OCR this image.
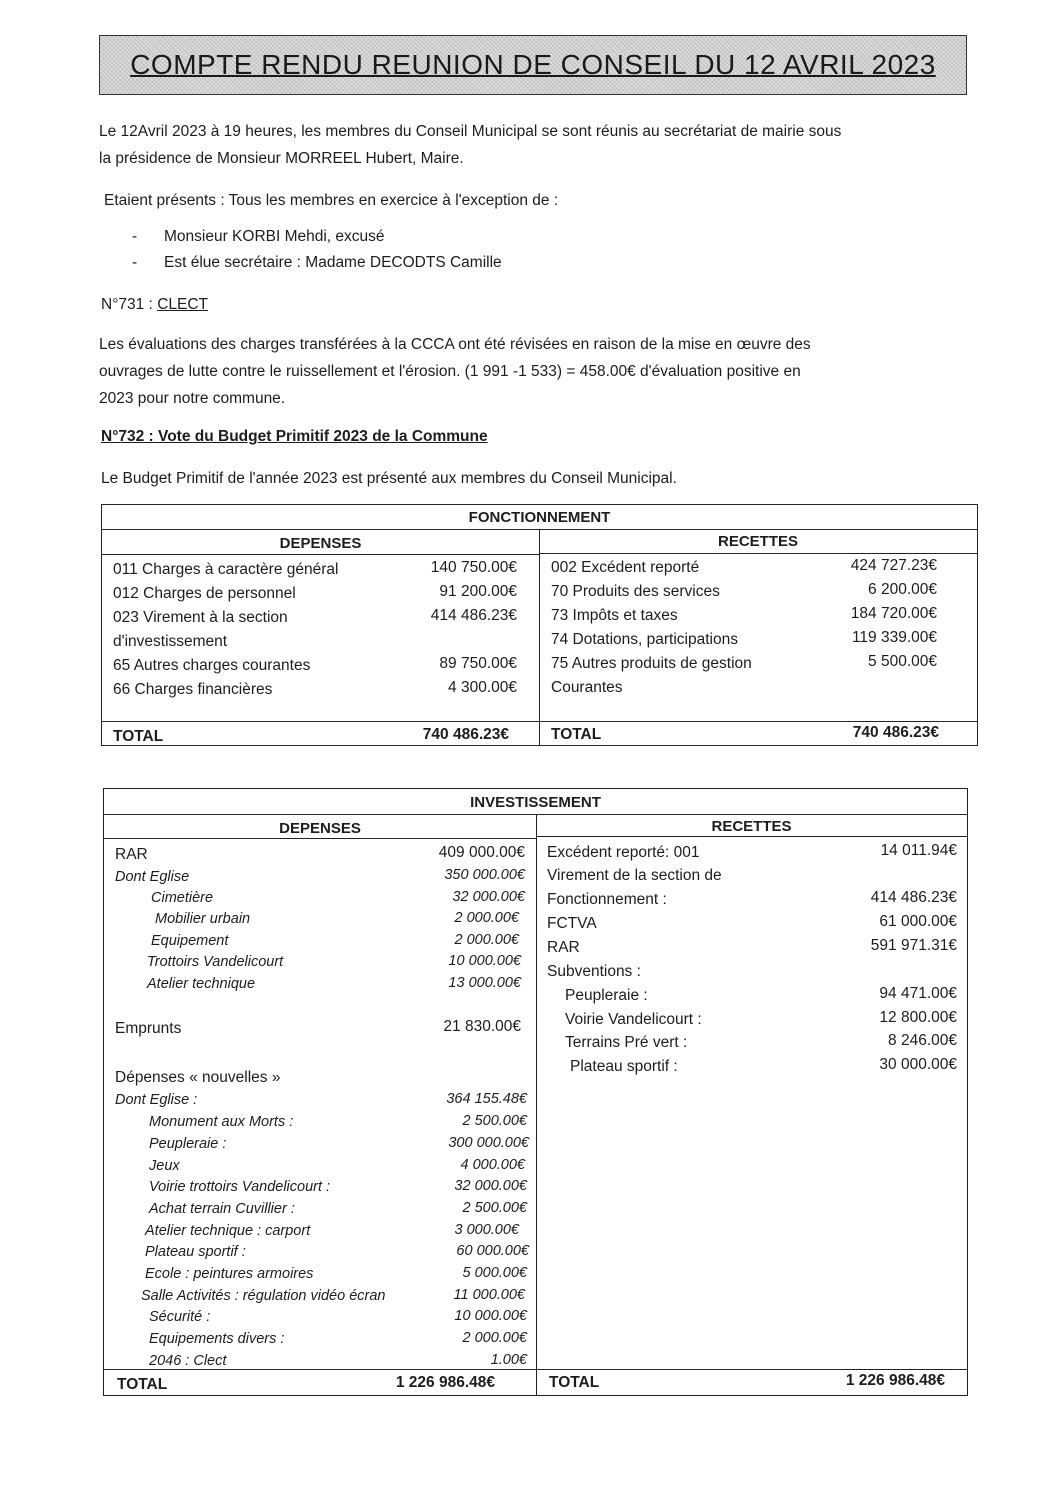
COMPTE RENDU REUNION DE CONSEIL DU 12 AVRIL 2023
Le 12Avril 2023 à 19 heures, les membres du Conseil Municipal se sont réunis au secrétariat de mairie sous
la présidence de Monsieur MORREEL Hubert, Maire.
Etaient présents : Tous les membres en exercice à l'exception de :
- Monsieur KORBI Mehdi, excusé
- Est élue secrétaire : Madame DECODTS Camille
N°731 : CLECT
Les évaluations des charges transférées à la CCCA ont été révisées en raison de la mise en œuvre des
ouvrages de lutte contre le ruissellement et l'érosion. (1 991 -1 533) = 458.00€ d'évaluation positive en
2023 pour notre commune.
N°732 : Vote du Budget Primitif 2023 de la Commune
Le Budget Primitif de l'année 2023 est présenté aux membres du Conseil Municipal.
FONCTIONNEMENT
DEPENSES	RECETTES
011 Charges à caractère général	140 750.00€
012 Charges de personnel	91 200.00€
023 Virement à la section	414 486.23€
d'investissement
65 Autres charges courantes	89 750.00€
66 Charges financières	4 300.00€
002 Excédent reporté	424 727.23€
70 Produits des services	6 200.00€
73 Impôts et taxes	184 720.00€
74 Dotations, participations	119 339.00€
75 Autres produits de gestion	5 500.00€
Courantes
TOTAL	740 486.23€	TOTAL	740 486.23€
INVESTISSEMENT
DEPENSES	RECETTES
RAR	409 000.00€
Dont Eglise	350 000.00€
Cimetière	32 000.00€
Mobilier urbain	2 000.00€
Equipement	2 000.00€
Trottoirs Vandelicourt	10 000.00€
Atelier technique	13 000.00€
Emprunts	21 830.00€
Dépenses « nouvelles »
Dont Eglise :	364 155.48€
Monument aux Morts :	2 500.00€
Peupleraie :	300 000.00€
Jeux	4 000.00€
Voirie trottoirs Vandelicourt :	32 000.00€
Achat terrain Cuvillier :	2 500.00€
Atelier technique : carport	3 000.00€
Plateau sportif :	60 000.00€
Ecole : peintures armoires	5 000.00€
Salle Activités : régulation vidéo écran	11 000.00€
Sécurité :	10 000.00€
Equipements divers :	2 000.00€
2046 : Clect	1.00€
Excédent reporté: 001	14 011.94€
Virement de la section de
Fonctionnement :	414 486.23€
FCTVA	61 000.00€
RAR	591 971.31€
Subventions :
Peupleraie :	94 471.00€
Voirie Vandelicourt :	12 800.00€
Terrains Pré vert :	8 246.00€
Plateau sportif :	30 000.00€
TOTAL	1 226 986.48€	TOTAL	1 226 986.48€
